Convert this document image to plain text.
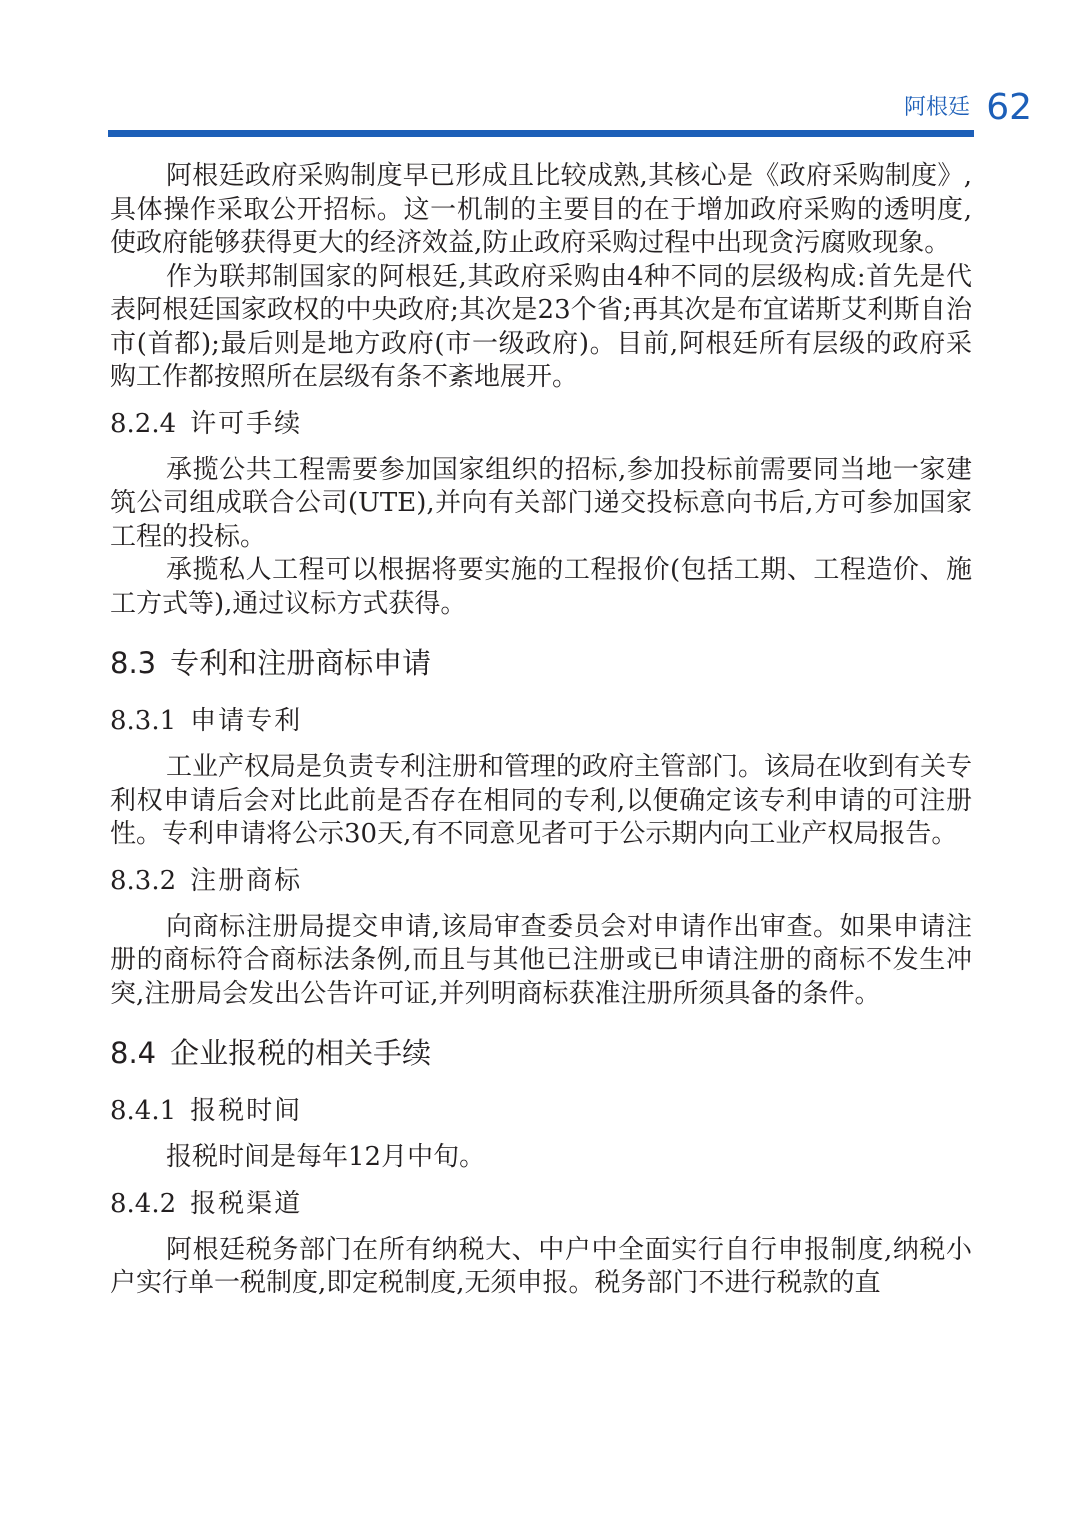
阿根廷 62

阿根廷政府采购制度早已形成且比较成熟,其核心是《政府采购制度》,具体操作采取公开招标。这一机制的主要目的在于增加政府采购的透明度,使政府能够获得更大的经济效益,防止政府采购过程中出现贪污腐败现象。

作为联邦制国家的阿根廷,其政府采购由4种不同的层级构成:首先是代表阿根廷国家政权的中央政府;其次是23个省;再其次是布宜诺斯艾利斯自治市(首都);最后则是地方政府(市一级政府)。目前,阿根廷所有层级的政府采购工作都按照所在层级有条不紊地展开。

8.2.4 许可手续

承揽公共工程需要参加国家组织的招标,参加投标前需要同当地一家建筑公司组成联合公司(UTE),并向有关部门递交投标意向书后,方可参加国家工程的投标。

承揽私人工程可以根据将要实施的工程报价(包括工期、工程造价、施工方式等),通过议标方式获得。

8.3 专利和注册商标申请
8.3.1 申请专利

工业产权局是负责专利注册和管理的政府主管部门。该局在收到有关专利权申请后会对比此前是否存在相同的专利,以便确定该专利申请的可注册性。专利申请将公示30天,有不同意见者可于公示期内向工业产权局报告。

8.3.2 注册商标

向商标注册局提交申请,该局审查委员会对申请作出审查。如果申请注册的商标符合商标法条例,而且与其他已注册或已申请注册的商标不发生冲突,注册局会发出公告许可证,并列明商标获准注册所须具备的条件。

8.4 企业报税的相关手续
8.4.1 报税时间

报税时间是每年12月中旬。

8.4.2 报税渠道

阿根廷税务部门在所有纳税大、中户中全面实行自行申报制度,纳税小户实行单一税制度,即定税制度,无须申报。税务部门不进行税款的直
